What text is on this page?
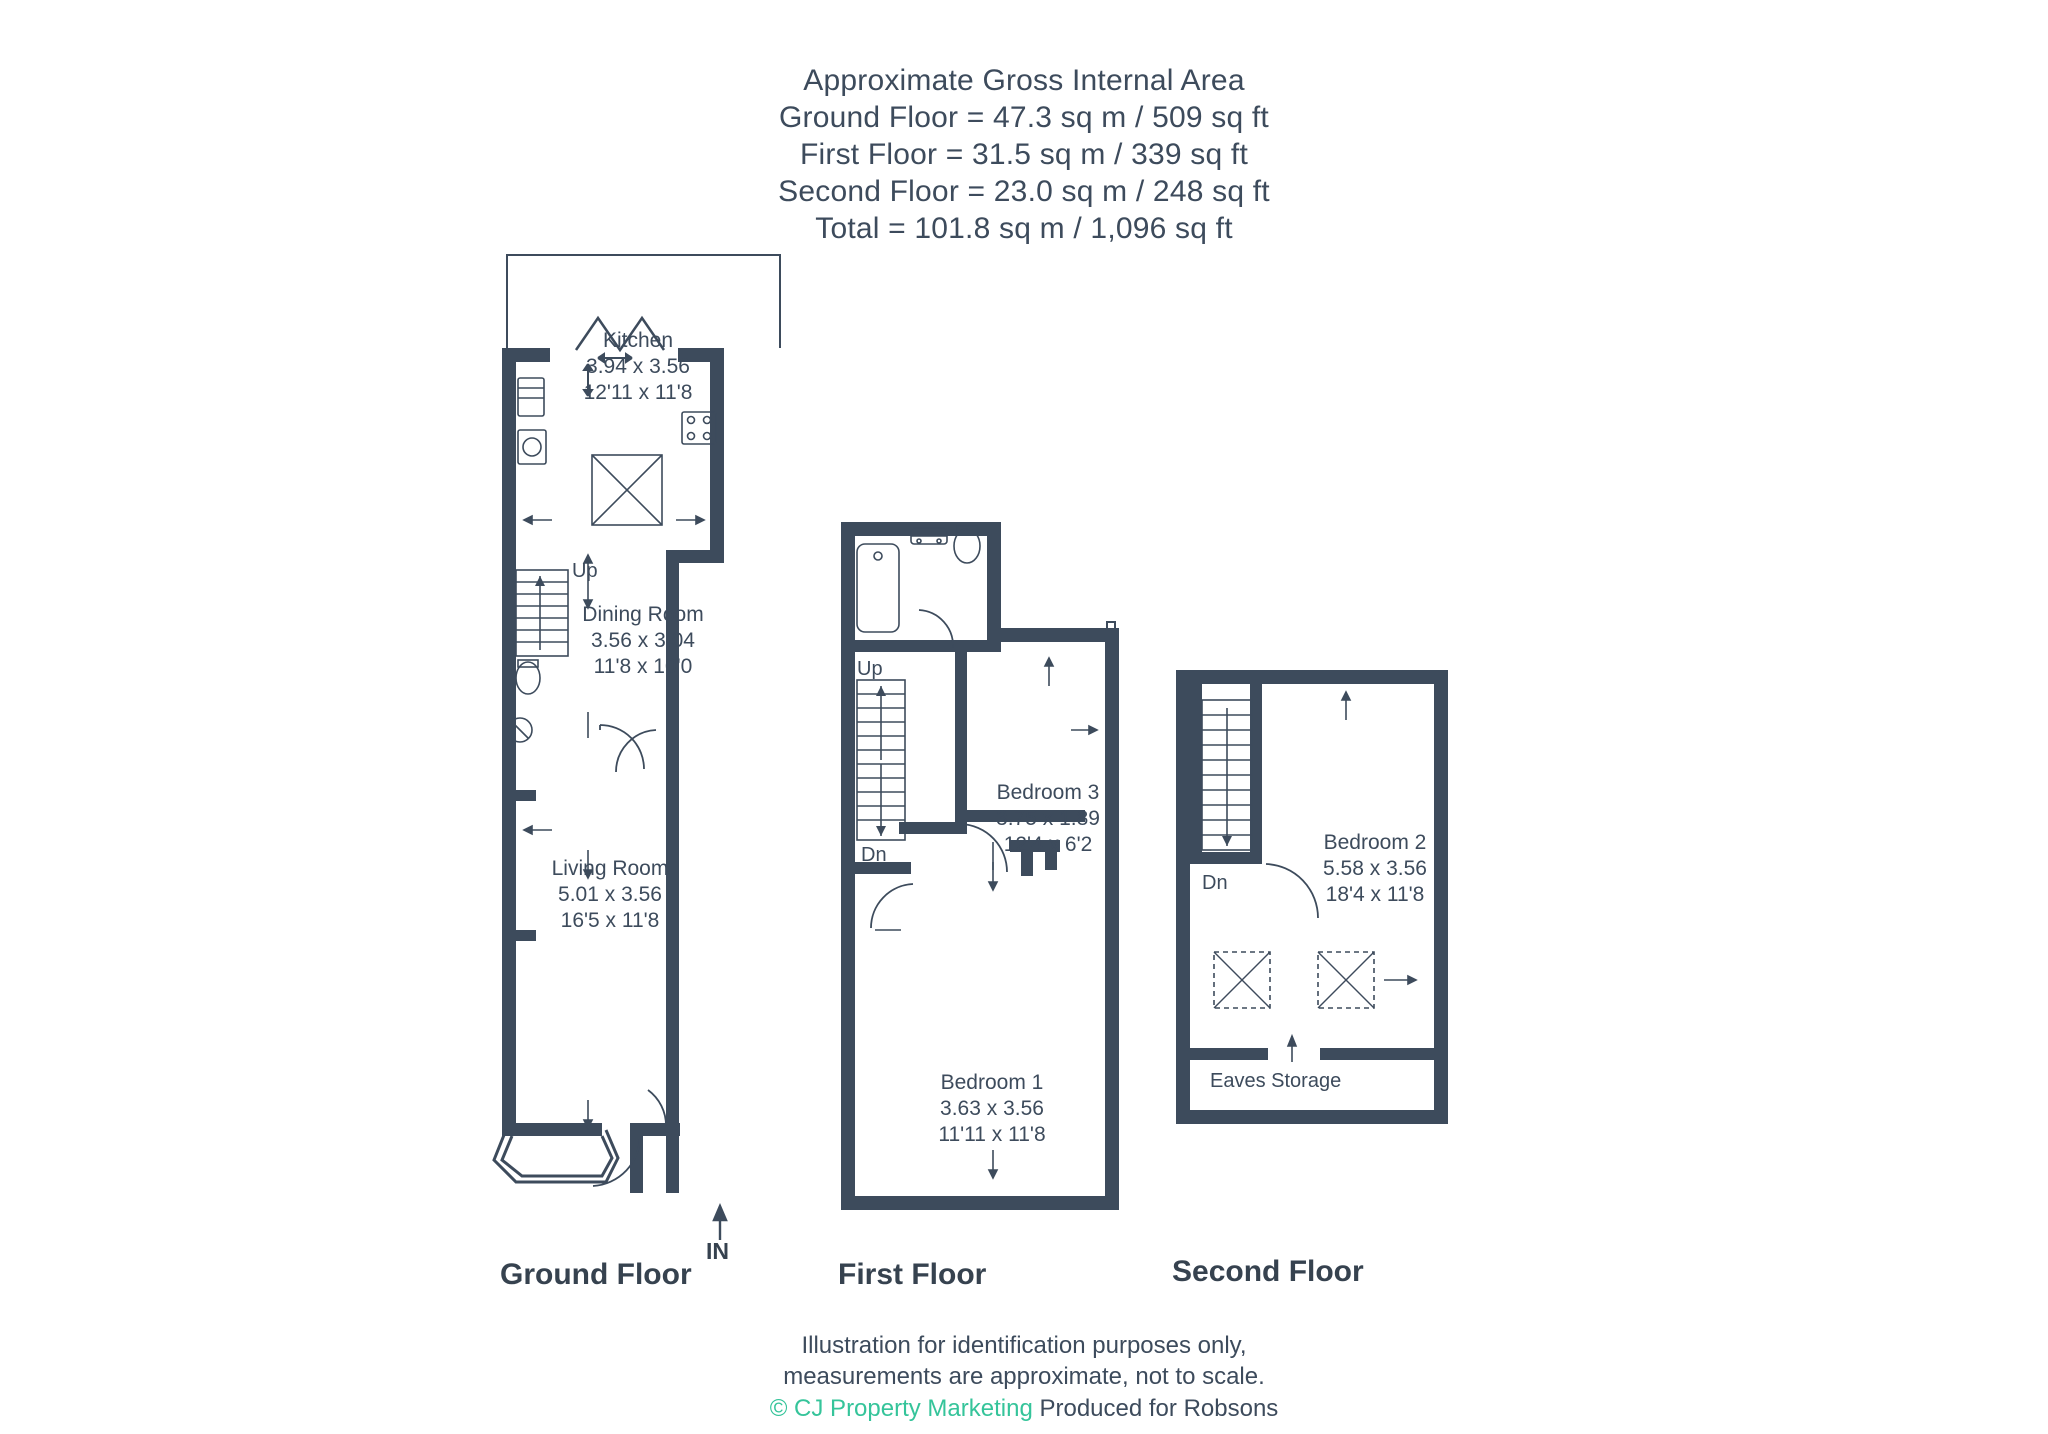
Approximate Gross Internal Area
Ground Floor = 47.3 sq m / 509 sq ft
First Floor = 31.5 sq m / 339 sq ft
Second Floor = 23.0 sq m / 248 sq ft
Total = 101.8 sq m / 1,096 sq ft
Kitchen
3.94 x 3.56
12'11 x 11'8
Dining Room
3.56 x 3.04
11'8 x 10'0
Living Room
5.01 x 3.56
16'5 x 11'8
Up
IN
Ground Floor
Bedroom 3
3.75 x 1.89
12'4 x 6'2
Bedroom 1
3.63 x 3.56
11'11 x 11'8
Up
Dn
First Floor
Bedroom 2
5.58 x 3.56
18'4 x 11'8
Eaves Storage
Dn
Second Floor
Illustration for identification purposes only,
measurements are approximate, not to scale.
© CJ Property Marketing Produced for Robsons
